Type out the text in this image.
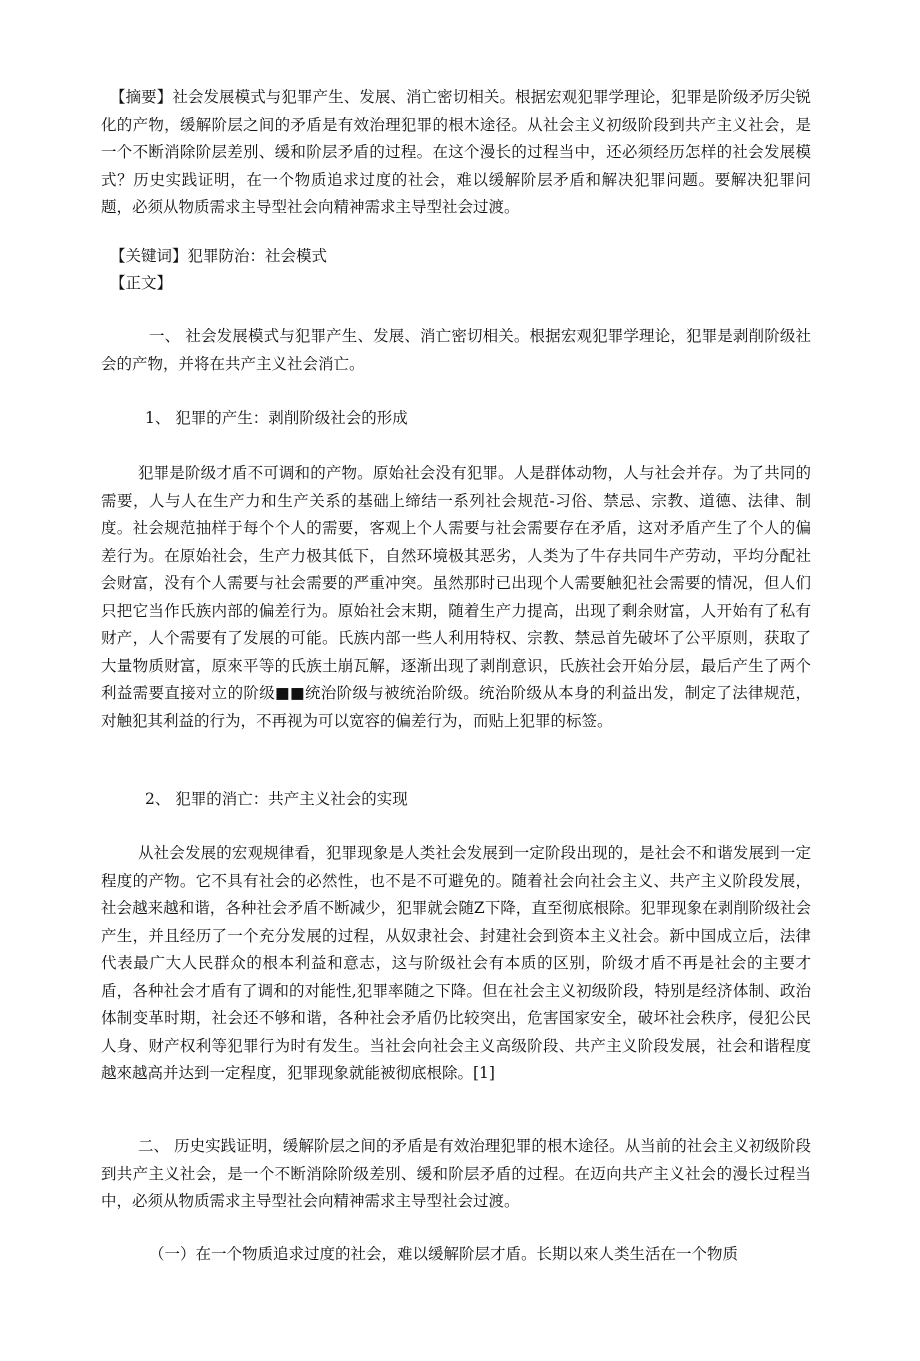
【摘要】社会发展模式与犯罪产生、发展、消亡密切相关。根据宏观犯罪学理论，犯罪是阶级矛厉尖锐化的产物，缓解阶层之间的矛盾是有效治理犯罪的根木途径。从社会主义初级阶段到共产主义社会，是一个不断消除阶层差別、缓和阶层矛盾的过程。在这个漫长的过程当中，还必须经历怎样的社会发展模式？历史实践证明，在一个物质追求过度的社会，难以缓解阶层矛盾和解决犯罪问题。要解决犯罪问题，必须从物质需求主导型社会向精神需求主导型社会过渡。
【关键词】犯罪防治：社会模式
【正文】
一、 社会发展模式与犯罪产生、发展、消亡密切相关。根据宏观犯罪学理论，犯罪是剥削阶级社会的产物，并将在共产主义社会消亡。
1、 犯罪的产生：剥削阶级社会的形成
犯罪是阶级才盾不可调和的产物。原始社会没有犯罪。人是群体动物，人与社会并存。为了共同的需要，人与人在生产力和生产关系的基础上缔结一系列社会规范-习俗、禁忌、宗教、道德、法律、制度。社会规范抽样于每个个人的需要，客观上个人需要与社会需要存在矛盾，这对矛盾产生了个人的偏差行为。在原始社会，生产力极其低下，自然环境极其恶劣，人类为了牛存共同牛产劳动，平均分配社会财富，没有个人需要与社会需要的严重冲突。虽然那时已出现个人需要触犯社会需要的情况，但人们只把它当作氏族内部的偏差行为。原始社会末期，随着生产力提高，出现了剩余财富，人开始有了私有财产，人个需要有了发展的可能。氏族内部一些人利用特权、宗教、禁忌首先破坏了公平原则，获取了大量物质财富，原來平等的氏族土崩瓦解，逐渐出现了剥削意识，氏族社会开始分层，最后产生了两个利益需要直接对立的阶级■■统治阶级与被统治阶级。统治阶级从本身的利益出发，制定了法律规范，对触犯其利益的行为，不再视为可以宽容的偏差行为，而贴上犯罪的标签。
2、 犯罪的消亡：共产主义社会的实现
从社会发展的宏观规律看，犯罪现象是人类社会发展到一定阶段出现的，是社会不和谐发展到一定程度的产物。它不具有社会的必然性，也不是不可避免的。随着社会向社会主义、共产主义阶段发展，社会越来越和谐，各种社会矛盾不断减少，犯罪就会随Z下降，直至彻底根除。犯罪现象在剥削阶级社会产生，并且经历了一个充分发展的过程，从奴隶社会、封建社会到资本主义社会。新中国成立后，法律代表最广大人民群众的根本利益和意志，这与阶级社会有本质的区别，阶级才盾不再是社会的主要才盾，各种社会才盾有了调和的对能性,犯罪率随之下降。但在社会主义初级阶段，特别是经济体制、政治体制变革时期，社会还不够和谐，各种社会矛盾仍比较突出，危害国家安全，破坏社会秩序，侵犯公民人身、财产权利等犯罪行为时有发生。当社会向社会主义高级阶段、共产主义阶段发展，社会和谐程度越來越高并达到一定程度，犯罪现象就能被彻底根除。[1]
二、 历史实践证明，缓解阶层之间的矛盾是有效治理犯罪的根木途径。从当前的社会主义初级阶段到共产主义社会，是一个不断消除阶级差別、缓和阶层矛盾的过程。在迈向共产主义社会的漫长过程当中，必须从物质需求主导型社会向精神需求主导型社会过渡。
（一）在一个物质追求过度的社会，难以缓解阶层才盾。长期以來人类生活在一个物质
